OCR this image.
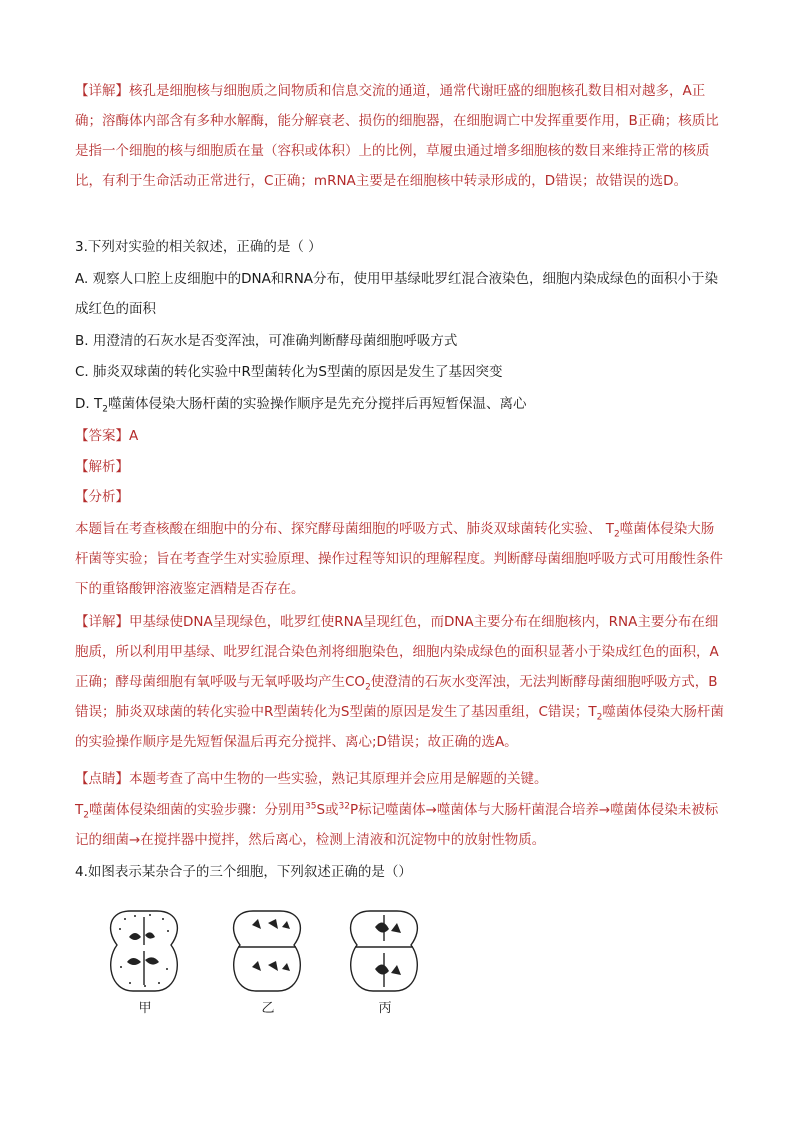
【详解】核孔是细胞核与细胞质之间物质和信息交流的通道，通常代谢旺盛的细胞核孔数目相对越多，A正确；溶酶体内部含有多种水解酶，能分解衰老、损伤的细胞器，在细胞调亡中发挥重要作用，B正确；核质比是指一个细胞的核与细胞质在量（容积或体积）上的比例，草履虫通过增多细胞核的数目来维持正常的核质比，有利于生命活动正常进行，C正确；mRNA主要是在细胞核中转录形成的，D错误；故错误的选D。

3.下列对实验的相关叙述，正确的是（ ）

A. 观察人口腔上皮细胞中的DNA和RNA分布，使用甲基绿吡罗红混合液染色，细胞内染成绿色的面积小于染成红色的面积

B. 用澄清的石灰水是否变浑浊，可准确判断酵母菌细胞呼吸方式

C. 肺炎双球菌的转化实验中R型菌转化为S型菌的原因是发生了基因突变

D. $T_2$噬菌体侵染大肠杆菌的实验操作顺序是先充分搅拌后再短暂保温、离心

【答案】A

【解析】

【分析】

本题旨在考查核酸在细胞中的分布、探究酵母菌细胞的呼吸方式、肺炎双球菌转化实验、 $T_2$噬菌体侵染大肠杆菌等实验；旨在考查学生对实验原理、操作过程等知识的理解程度。判断酵母菌细胞呼吸方式可用酸性条件下的重铬酸钾溶液鉴定酒精是否存在。

【详解】甲基绿使DNA呈现绿色，吡罗红使RNA呈现红色，而DNA主要分布在细胞核内，RNA主要分布在细胞质，所以利用甲基绿、吡罗红混合染色剂将细胞染色，细胞内染成绿色的面积显著小于染成红色的面积，A正确；酵母菌细胞有氧呼吸与无氧呼吸均产生$CO_2$使澄清的石灰水变浑浊，无法判断酵母菌细胞呼吸方式，B错误；肺炎双球菌的转化实验中R型菌转化为S型菌的原因是发生了基因重组，C错误；$T_2$噬菌体侵染大肠杆菌的实验操作顺序是先短暂保温后再充分搅拌、离心;D错误；故正确的选A。

【点睛】本题考查了高中生物的一些实验，熟记其原理并会应用是解题的关键。

$T_2$噬菌体侵染细菌的实验步骤：分别用$^{35}$S或$^{32}$P标记噬菌体→噬菌体与大肠杆菌混合培养→噬菌体侵染未被标记的细菌→在搅拌器中搅拌，然后离心，检测上清液和沉淀物中的放射性物质。

4.如图表示某杂合子的三个细胞，下列叙述正确的是（）

甲	乙	丙
